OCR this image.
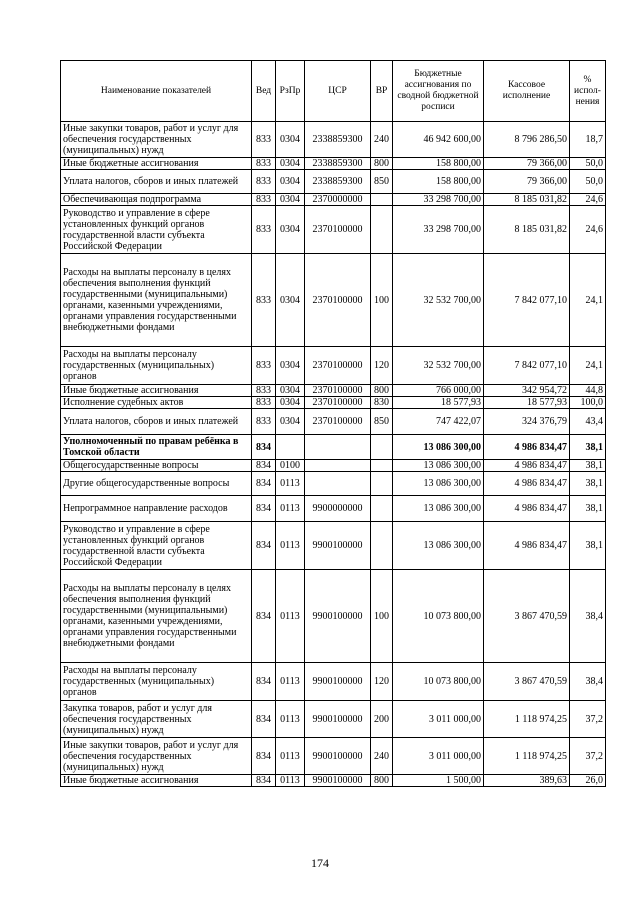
Наименование показателей	Вед	РзПр	ЦСР	ВР	Бюджетные ассигнования по сводной бюджетной росписи	Кассовое исполнение	% испол-нения
Иные закупки товаров, работ и услуг для обеспечения государственных (муниципальных) нужд	833	0304	2338859300	240	46 942 600,00	8 796 286,50	18,7
Иные бюджетные ассигнования	833	0304	2338859300	800	158 800,00	79 366,00	50,0
Уплата налогов, сборов и иных платежей	833	0304	2338859300	850	158 800,00	79 366,00	50,0
Обеспечивающая подпрограмма	833	0304	2370000000		33 298 700,00	8 185 031,82	24,6
Руководство и управление в сфере установленных функций органов государственной власти субъекта Российской Федерации	833	0304	2370100000		33 298 700,00	8 185 031,82	24,6
Расходы на выплаты персоналу в целях обеспечения выполнения функций государственными (муниципальными) органами, казенными учреждениями, органами управления государственными внебюджетными фондами	833	0304	2370100000	100	32 532 700,00	7 842 077,10	24,1
Расходы на выплаты персоналу государственных (муниципальных) органов	833	0304	2370100000	120	32 532 700,00	7 842 077,10	24,1
Иные бюджетные ассигнования	833	0304	2370100000	800	766 000,00	342 954,72	44,8
Исполнение судебных актов	833	0304	2370100000	830	18 577,93	18 577,93	100,0
Уплата налогов, сборов и иных платежей	833	0304	2370100000	850	747 422,07	324 376,79	43,4
Уполномоченный по правам ребёнка в Томской области	834				13 086 300,00	4 986 834,47	38,1
Общегосударственные вопросы	834	0100			13 086 300,00	4 986 834,47	38,1
Другие общегосударственные вопросы	834	0113			13 086 300,00	4 986 834,47	38,1
Непрограммное направление расходов	834	0113	9900000000		13 086 300,00	4 986 834,47	38,1
Руководство и управление в сфере установленных функций органов государственной власти субъекта Российской Федерации	834	0113	9900100000		13 086 300,00	4 986 834,47	38,1
Расходы на выплаты персоналу в целях обеспечения выполнения функций государственными (муниципальными) органами, казенными учреждениями, органами управления государственными внебюджетными фондами	834	0113	9900100000	100	10 073 800,00	3 867 470,59	38,4
Расходы на выплаты персоналу государственных (муниципальных) органов	834	0113	9900100000	120	10 073 800,00	3 867 470,59	38,4
Закупка товаров, работ и услуг для обеспечения государственных (муниципальных) нужд	834	0113	9900100000	200	3 011 000,00	1 118 974,25	37,2
Иные закупки товаров, работ и услуг для обеспечения государственных (муниципальных) нужд	834	0113	9900100000	240	3 011 000,00	1 118 974,25	37,2
Иные бюджетные ассигнования	834	0113	9900100000	800	1 500,00	389,63	26,0
174
